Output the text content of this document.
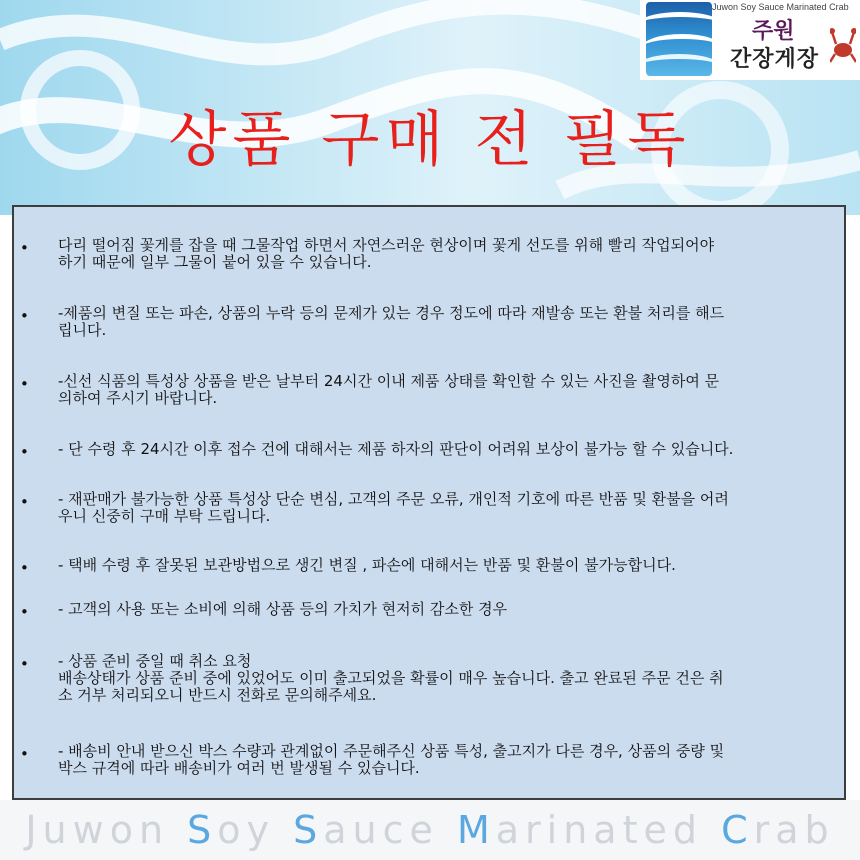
Juwon Soy Sauce Marinated Crab
주원
간장게장
상품 구매 전 필독
• 다리 떨어짐 꽃게를 잡을 때 그물작업 하면서 자연스러운 현상이며 꽃게 선도를 위해 빨리 작업되어야
하기 때문에 일부 그물이 붙어 있을 수 있습니다.
• -제품의 변질 또는 파손, 상품의 누락 등의 문제가 있는 경우 정도에 따라 재발송 또는 환불 처리를 해드
립니다.
• -신선 식품의 특성상 상품을 받은 날부터 24시간 이내 제품 상태를 확인할 수 있는 사진을 촬영하여 문
의하여 주시기 바랍니다.
• - 단 수령 후 24시간 이후 접수 건에 대해서는 제품 하자의 판단이 어려워 보상이 불가능 할 수 있습니다.
• - 재판매가 불가능한 상품 특성상 단순 변심, 고객의 주문 오류, 개인적 기호에 따른 반품 및 환불을 어려
우니 신중히 구매 부탁 드립니다.
• - 택배 수령 후 잘못된 보관방법으로 생긴 변질 , 파손에 대해서는 반품 및 환불이 불가능합니다.
• - 고객의 사용 또는 소비에 의해 상품 등의 가치가 현저히 감소한 경우
• - 상품 준비 중일 때 취소 요청
배송상태가 상품 준비 중에 있었어도 이미 출고되었을 확률이 매우 높습니다. 출고 완료된 주문 건은 취
소 거부 처리되오니 반드시 전화로 문의해주세요.
• - 배송비 안내 받으신 박스 수량과 관계없이 주문해주신 상품 특성, 출고지가 다른 경우, 상품의 중량 및
박스 규격에 따라 배송비가 여러 번 발생될 수 있습니다.
Juwon Soy Sauce Marinated Crab
